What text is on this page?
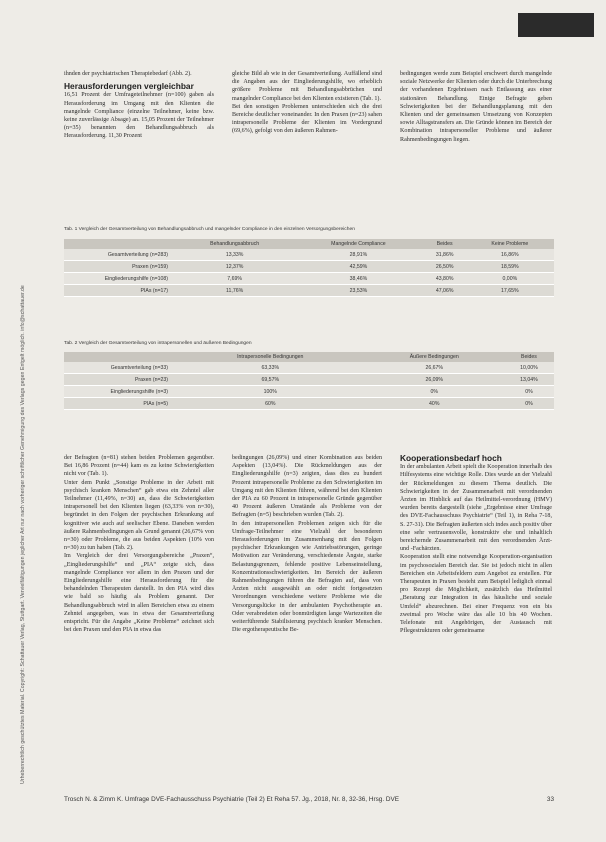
Urheberrechtlich geschütztes Material. Copyright: Schattauer Verlag, Stuttgart. Vervielfältigungen jeglicher Art nur nach vorheriger schriftlicher Genehmigung des Verlags gegen Entgelt möglich. info@schattauer.de

ihnden der psychiatrischen Therapiebedarf (Abb. 2).

Herausforderungen vergleichbar

16,51 Prozent der Umfrageteilnehmer (n=100) gaben als Herausforderung im Umgang mit den Klienten die mangelnde Compliance (einzelne Teilnehmer, keine bzw. keine zuverlässige Absage) an. 15,05 Prozent der Teilnehmer (n=35) benannten den Behandlungsabbruch als Herausforderung. 11,30 Prozent

gleiche Bild ab wie in der Gesamtverteilung. Auffällend sind die Angaben aus der Eingliederungshilfe, wo erheblich größere Probleme mit Behandlungsabbrüchen und mangelnder Compliance bei den Klienten existieren (Tab. 1).

Bei den sonstigen Problemen unterschieden sich die drei Bereiche deutlicher voneinander. In den Praxen (n=23) sahen intrapersonelle Probleme der Klienten im Vordergrund (69,6%), gefolgt von den äußeren Rahmen-

bedingungen werde zum Beispiel erschwert durch mangelnde soziale Netzwerke der Klienten oder durch die Unterbrechung der vorhandenen Ergebnissen nach Entlassung aus einer stationären Behandlung. Einige Befragte geben Schwierigkeiten bei der Behandlungsplanung mit den Klienten und der gemeinsamen Umsetzung von Konzepten sowie Alltagstransfers an. Die Gründe können im Bereich der Kombination intrapersoneller Probleme und äußerer Rahmenbedingungen liegen.

Tab. 1 Vergleich der Gesamtverteilung von Behandlungsabbruch und mangelnder Compliance in den einzelnen Versorgungsbereichen
	Behandlungsabbruch	Mangelnde Compliance	Beides	Keine Probleme
Gesamtverteilung (n=283)	13,33%	28,91%	31,86%	16,86%
Praxen (n=159)	12,37%	42,59%	26,50%	18,59%
Eingliederungshilfe (n=108)	7,69%	38,46%	43,80%	0,00%
PIAs (n=17)	11,76%	23,53%	47,06%	17,65%
Tab. 2 Vergleich der Gesamtverteilung von intrapersonellen und äußeren Bedingungen
	Intrapersonelle Bedingungen	Äußere Bedingungen	Beides
Gesamtverteilung (n=33)	63,33%	26,67%	10,00%
Praxen (n=23)	69,57%	26,09%	13,04%
Eingliederungshilfe (n=3)	100%	0%	0%
PIAs (n=5)	60%	40%	0%

der Befragten (n=81) stehen beiden Problemen gegenüber. Bei 16,86 Prozent (n=44) kam es zu keine Schwierigkeiten nicht vor (Tab. 1).

Unter dem Punkt „Sonstige Probleme in der Arbeit mit psychisch kranken Menschen“ gab etwa ein Zehntel aller Teilnehmer (11,49%, n=30) an, dass die Schwierigkeiten intrapersonell bei den Klienten liegen (63,33% von n=30), begründet in den Folgen der psychischen Erkrankung auf kognitiver wie auch auf seelischer Ebene. Daneben werden äußere Rahmenbedingungen als Grund genannt (26,67% von n=30) oder Probleme, die aus beiden Aspekten (10% von n=30) zu tun haben (Tab. 2).

Im Vergleich der drei Versorgungsbereiche „Praxen“, „Eingliederungshilfe“ und „PIA“ zeigte sich, dass mangelnde Compliance vor allem in den Praxen und der Eingliederungshilfe eine Herausforderung für die behandelnden Therapeuten darstellt. In den PIA wird dies wie bald so häufig als Problem genannt. Der Behandlungsabbruch wird in allen Bereichen etwa zu einem Zehntel angegeben, was in etwa der Gesamtverteilung entspricht. Für die Angabe „Keine Probleme“ zeichnet sich bei den Praxen und den PIA in etwa das

bedingungen (26,09%) und einer Kombination aus beiden Aspekten (13,04%). Die Rückmeldungen aus der Eingliederungshilfe (n=3) zeigten, dass dies zu hundert Prozent intrapersonelle Probleme zu den Schwierigkeiten im Umgang mit den Klienten führen, während bei den Klienten der PIA zu 60 Prozent in intrapersonelle Gründe gegenüber 40 Prozent äußeren Umstände als Probleme von der Befragten (n=5) beschrieben wurden (Tab. 2).

In den intrapersonellen Problemen zeigen sich für die Umfrage-Teilnehmer eine Vielzahl der besonderen Herausforderungen im Zusammenhang mit den Folgen psychischer Erkrankungen wie Antriebsstörungen, geringe Motivation zur Veränderung, verschiedenste Ängste, starke Belastungsgrenzen, fehlende positive Lebenseinstellung, Konzentrationsschwierigkeiten. Im Bereich der äußeren Rahmenbedingungen führen die Befragten auf, dass von Ärzten nicht ausgewählt an oder nicht fortgesetzten Verordnungen verschiedene weitere Probleme wie die Versorgungslücke in der ambulanten Psychotherapie an. Oder verabredeten oder bonmürdigten lange Wartezeiten die weiterführende Stabilisierung psychisch kranker Menschen. Die ergotherapeutische Be-

Kooperationsbedarf hoch

In der ambulanten Arbeit spielt die Kooperation innerhalb des Hilfesystems eine wichtige Rolle. Dies wurde an der Vielzahl der Rückmeldungen zu diesem Thema deutlich. Die Schwierigkeiten in der Zusammenarbeit mit verordnenden Ärzten im Hinblick auf das Heilmittel-verordnung (HMV) wurden bereits dargestellt (siehe „Ergebnisse einer Umfrage des DVE-Fachausschuss Psychiatrie“ (Teil 1), in Reha 7-18, S. 27-31). Die Befragten äußerten sich indes auch positiv über eine sehr vertrauensvolle, konstruktiv ehe und inhaltlich bereichernde Zusammenarbeit mit den verordnenden Ärzt- und -Fachärzten.

Kooperation stellt eine notwendige Kooperation-organisation im psychosozialen Bereich dar. Sie ist jedoch nicht in allen Bereichen ein Arbeitsfeldern zum Angebot zu erstellen. Für Therapeuten in Praxen besteht zum Beispiel lediglich einmal pro Rezept die Möglichkeit, zusätzlich das Heilmittel „Beratung zur Integration in das häusliche und soziale Umfeld“ abzurechnen. Bei einer Frequenz von ein bis zweimal pro Woche wäre das alle 10 bis 40 Wochen. Telefonate mit Angehörigen, der Austausch mit Pflegestrukturen oder gemeinsame

Trosch N. & Zimm K. Umfrage DVE-Fachausschuss Psychiatrie (Teil 2) Et Reha 57. Jg., 2018, Nr. 8, 32-36, Hrsg. DVE	33
